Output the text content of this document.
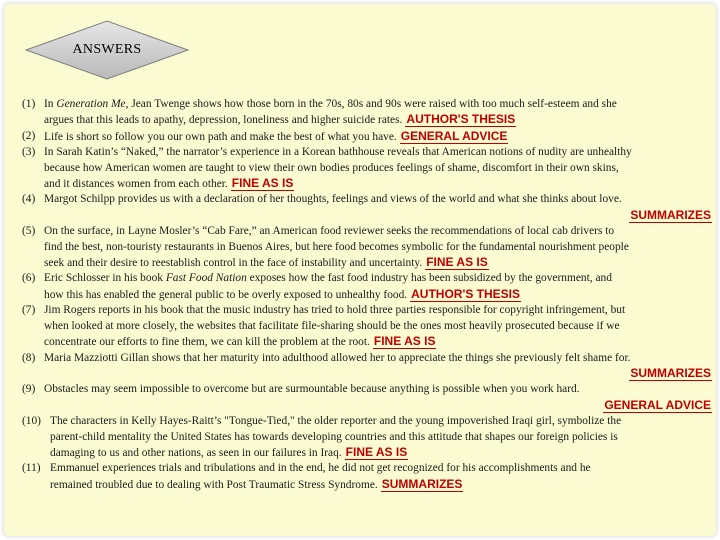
ANSWERS
(1) In Generation Me, Jean Twenge shows how those born in the 70s, 80s and 90s were raised with too much self-esteem and she
argues that this leads to apathy, depression, loneliness and higher suicide rates. AUTHOR'S THESIS
(2) Life is short so follow you our own path and make the best of what you have. GENERAL ADVICE
(3) In Sarah Katin’s “Naked,” the narrator’s experience in a Korean bathhouse reveals that American notions of nudity are unhealthy
because how American women are taught to view their own bodies produces feelings of shame, discomfort in their own skins,
and it distances women from each other. FINE AS IS
(4) Margot Schilpp provides us with a declaration of her thoughts, feelings and views of the world and what she thinks about love.
SUMMARIZES
(5) On the surface, in Layne Mosler’s “Cab Fare,” an American food reviewer seeks the recommendations of local cab drivers to
find the best, non-touristy restaurants in Buenos Aires, but here food becomes symbolic for the fundamental nourishment people
seek and their desire to reestablish control in the face of instability and uncertainty. FINE AS IS
(6) Eric Schlosser in his book Fast Food Nation exposes how the fast food industry has been subsidized by the government, and
how this has enabled the general public to be overly exposed to unhealthy food. AUTHOR'S THESIS
(7) Jim Rogers reports in his book that the music industry has tried to hold three parties responsible for copyright infringement, but
when looked at more closely, the websites that facilitate file-sharing should be the ones most heavily prosecuted because if we
concentrate our efforts to fine them, we can kill the problem at the root. FINE AS IS
(8) Maria Mazziotti Gillan shows that her maturity into adulthood allowed her to appreciate the things she previously felt shame for.
SUMMARIZES
(9) Obstacles may seem impossible to overcome but are surmountable because anything is possible when you work hard.
GENERAL ADVICE
(10) The characters in Kelly Hayes-Raitt’s "Tongue-Tied," the older reporter and the young impoverished Iraqi girl, symbolize the
parent-child mentality the United States has towards developing countries and this attitude that shapes our foreign policies is
damaging to us and other nations, as seen in our failures in Iraq. FINE AS IS
(11) Emmanuel experiences trials and tribulations and in the end, he did not get recognized for his accomplishments and he
remained troubled due to dealing with Post Traumatic Stress Syndrome. SUMMARIZES
